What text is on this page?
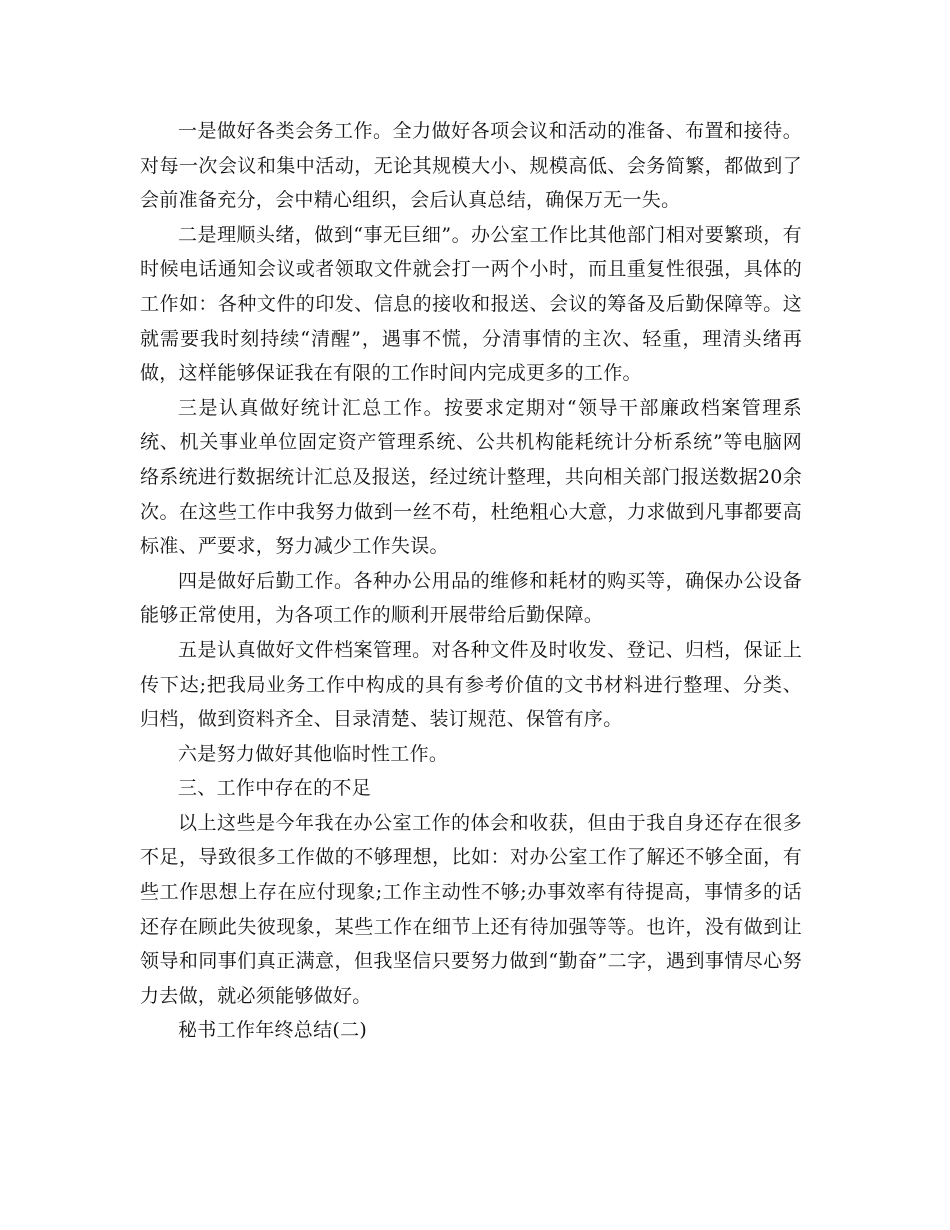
一是做好各类会务工作。全力做好各项会议和活动的准备、布置和接待。对每一次会议和集中活动，无论其规模大小、规模高低、会务简繁，都做到了会前准备充分，会中精心组织，会后认真总结，确保万无一失。

二是理顺头绪，做到“事无巨细”。办公室工作比其他部门相对要繁琐，有时候电话通知会议或者领取文件就会打一两个小时，而且重复性很强，具体的工作如：各种文件的印发、信息的接收和报送、会议的筹备及后勤保障等。这就需要我时刻持续“清醒”，遇事不慌，分清事情的主次、轻重，理清头绪再做，这样能够保证我在有限的工作时间内完成更多的工作。

三是认真做好统计汇总工作。按要求定期对“领导干部廉政档案管理系统、机关事业单位固定资产管理系统、公共机构能耗统计分析系统”等电脑网络系统进行数据统计汇总及报送，经过统计整理，共向相关部门报送数据20余次。在这些工作中我努力做到一丝不苟，杜绝粗心大意，力求做到凡事都要高标准、严要求，努力减少工作失误。

四是做好后勤工作。各种办公用品的维修和耗材的购买等，确保办公设备能够正常使用，为各项工作的顺利开展带给后勤保障。

五是认真做好文件档案管理。对各种文件及时收发、登记、归档，保证上传下达;把我局业务工作中构成的具有参考价值的文书材料进行整理、分类、归档，做到资料齐全、目录清楚、装订规范、保管有序。

六是努力做好其他临时性工作。

三、工作中存在的不足

以上这些是今年我在办公室工作的体会和收获，但由于我自身还存在很多不足，导致很多工作做的不够理想，比如：对办公室工作了解还不够全面，有些工作思想上存在应付现象;工作主动性不够;办事效率有待提高，事情多的话还存在顾此失彼现象，某些工作在细节上还有待加强等等。也许，没有做到让领导和同事们真正满意，但我坚信只要努力做到“勤奋”二字，遇到事情尽心努力去做，就必须能够做好。

秘书工作年终总结(二)
